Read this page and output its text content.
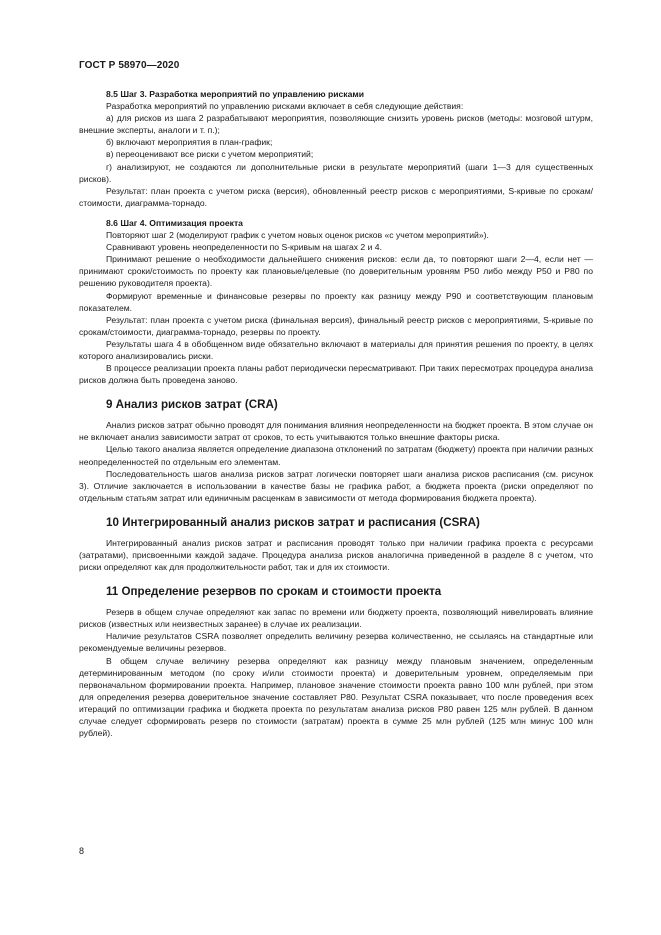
ГОСТ Р 58970—2020
8.5 Шаг 3. Разработка мероприятий по управлению рисками
Разработка мероприятий по управлению рисками включает в себя следующие действия:
а) для рисков из шага 2 разрабатывают мероприятия, позволяющие снизить уровень рисков (методы: мозговой штурм, внешние эксперты, аналоги и т. п.);
б) включают мероприятия в план-график;
в) переоценивают все риски с учетом мероприятий;
г) анализируют, не создаются ли дополнительные риски в результате мероприятий (шаги 1—3 для существенных рисков).
Результат: план проекта с учетом риска (версия), обновленный реестр рисков с мероприятиями, S-кривые по срокам/стоимости, диаграмма-торнадо.
8.6 Шаг 4. Оптимизация проекта
Повторяют шаг 2 (моделируют график с учетом новых оценок рисков «с учетом мероприятий»).
Сравнивают уровень неопределенности по S-кривым на шагах 2 и 4.
Принимают решение о необходимости дальнейшего снижения рисков: если да, то повторяют шаги 2—4, если нет — принимают сроки/стоимость по проекту как плановые/целевые (по доверительным уровням Р50 либо между Р50 и Р80 по решению руководителя проекта).
Формируют временные и финансовые резервы по проекту как разницу между Р90 и соответствующим плановым показателем.
Результат: план проекта с учетом риска (финальная версия), финальный реестр рисков с мероприятиями, S-кривые по срокам/стоимости, диаграмма-торнадо, резервы по проекту.
Результаты шага 4 в обобщенном виде обязательно включают в материалы для принятия решения по проекту, в целях которого анализировались риски.
В процессе реализации проекта планы работ периодически пересматривают. При таких пересмотрах процедура анализа рисков должна быть проведена заново.
9 Анализ рисков затрат (CRA)
Анализ рисков затрат обычно проводят для понимания влияния неопределенности на бюджет проекта. В этом случае он не включает анализ зависимости затрат от сроков, то есть учитываются только внешние факторы риска.
Целью такого анализа является определение диапазона отклонений по затратам (бюджету) проекта при наличии разных неопределенностей по отдельным его элементам.
Последовательность шагов анализа рисков затрат логически повторяет шаги анализа рисков расписания (см. рисунок 3). Отличие заключается в использовании в качестве базы не графика работ, а бюджета проекта (риски определяют по отдельным статьям затрат или единичным расценкам в зависимости от метода формирования бюджета проекта).
10 Интегрированный анализ рисков затрат и расписания (CSRA)
Интегрированный анализ рисков затрат и расписания проводят только при наличии графика проекта с ресурсами (затратами), присвоенными каждой задаче. Процедура анализа рисков аналогична приведенной в разделе 8 с учетом, что риски определяют как для продолжительности работ, так и для их стоимости.
11 Определение резервов по срокам и стоимости проекта
Резерв в общем случае определяют как запас по времени или бюджету проекта, позволяющий нивелировать влияние рисков (известных или неизвестных заранее) в случае их реализации.
Наличие результатов CSRA позволяет определить величину резерва количественно, не ссылаясь на стандартные или рекомендуемые величины резервов.
В общем случае величину резерва определяют как разницу между плановым значением, определенным детерминированным методом (по сроку и/или стоимости проекта) и доверительным уровнем, определяемым при первоначальном формировании проекта. Например, плановое значение стоимости проекта равно 100 млн рублей, при этом для определения резерва доверительное значение составляет Р80. Результат CSRA показывает, что после проведения всех итераций по оптимизации графика и бюджета проекта по результатам анализа рисков Р80 равен 125 млн рублей. В данном случае следует сформировать резерв по стоимости (затратам) проекта в сумме 25 млн рублей (125 млн минус 100 млн рублей).
8
